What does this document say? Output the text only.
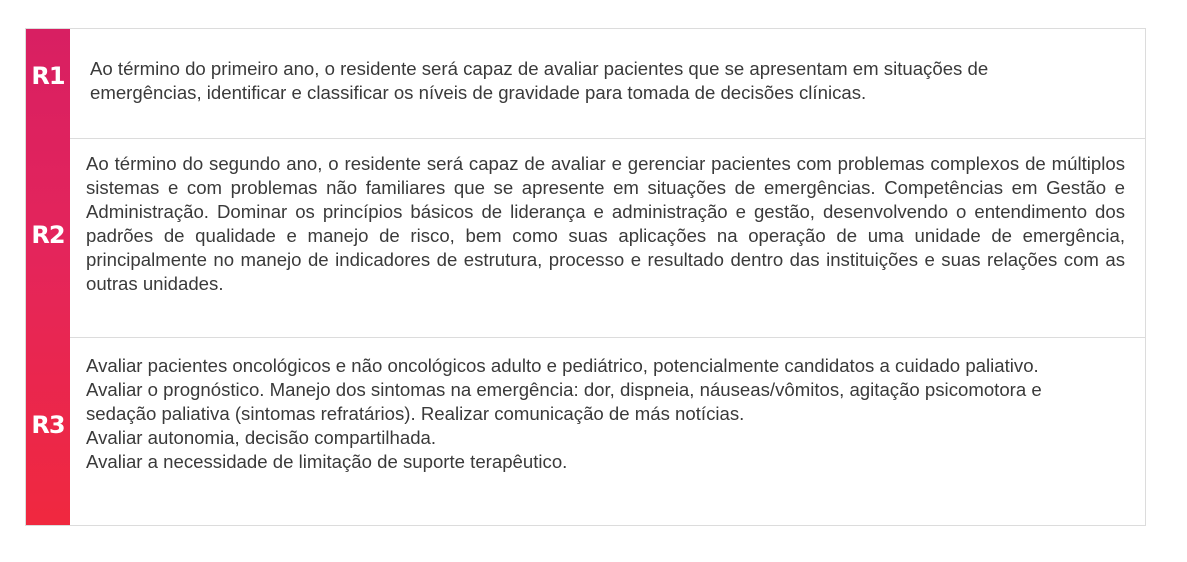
R1
R2
R3
Ao término do primeiro ano, o residente será capaz de avaliar pacientes que se apresentam em situações de emergências, identificar e classificar os níveis de gravidade para tomada de decisões clínicas.
Ao término do segundo ano, o residente será capaz de avaliar e gerenciar pacientes com problemas complexos de múltiplos sistemas e com problemas não familiares que se apresente em situações de emergências. Competências em Gestão e Administração. Dominar os princípios básicos de liderança e administração e gestão, desenvolvendo o entendimento dos padrões de qualidade e manejo de risco, bem como suas aplicações na operação de uma unidade de emergência, principalmente no manejo de indicadores de estrutura, processo e resultado dentro das instituições e suas relações com as outras unidades.
Avaliar pacientes oncológicos e não oncológicos adulto e pediátrico, potencialmente candidatos a cuidado paliativo.
Avaliar o prognóstico. Manejo dos sintomas na emergência: dor, dispneia, náuseas/vômitos, agitação psicomotora e sedação paliativa (sintomas refratários). Realizar comunicação de más notícias.
Avaliar autonomia, decisão compartilhada.
Avaliar a necessidade de limitação de suporte terapêutico.
